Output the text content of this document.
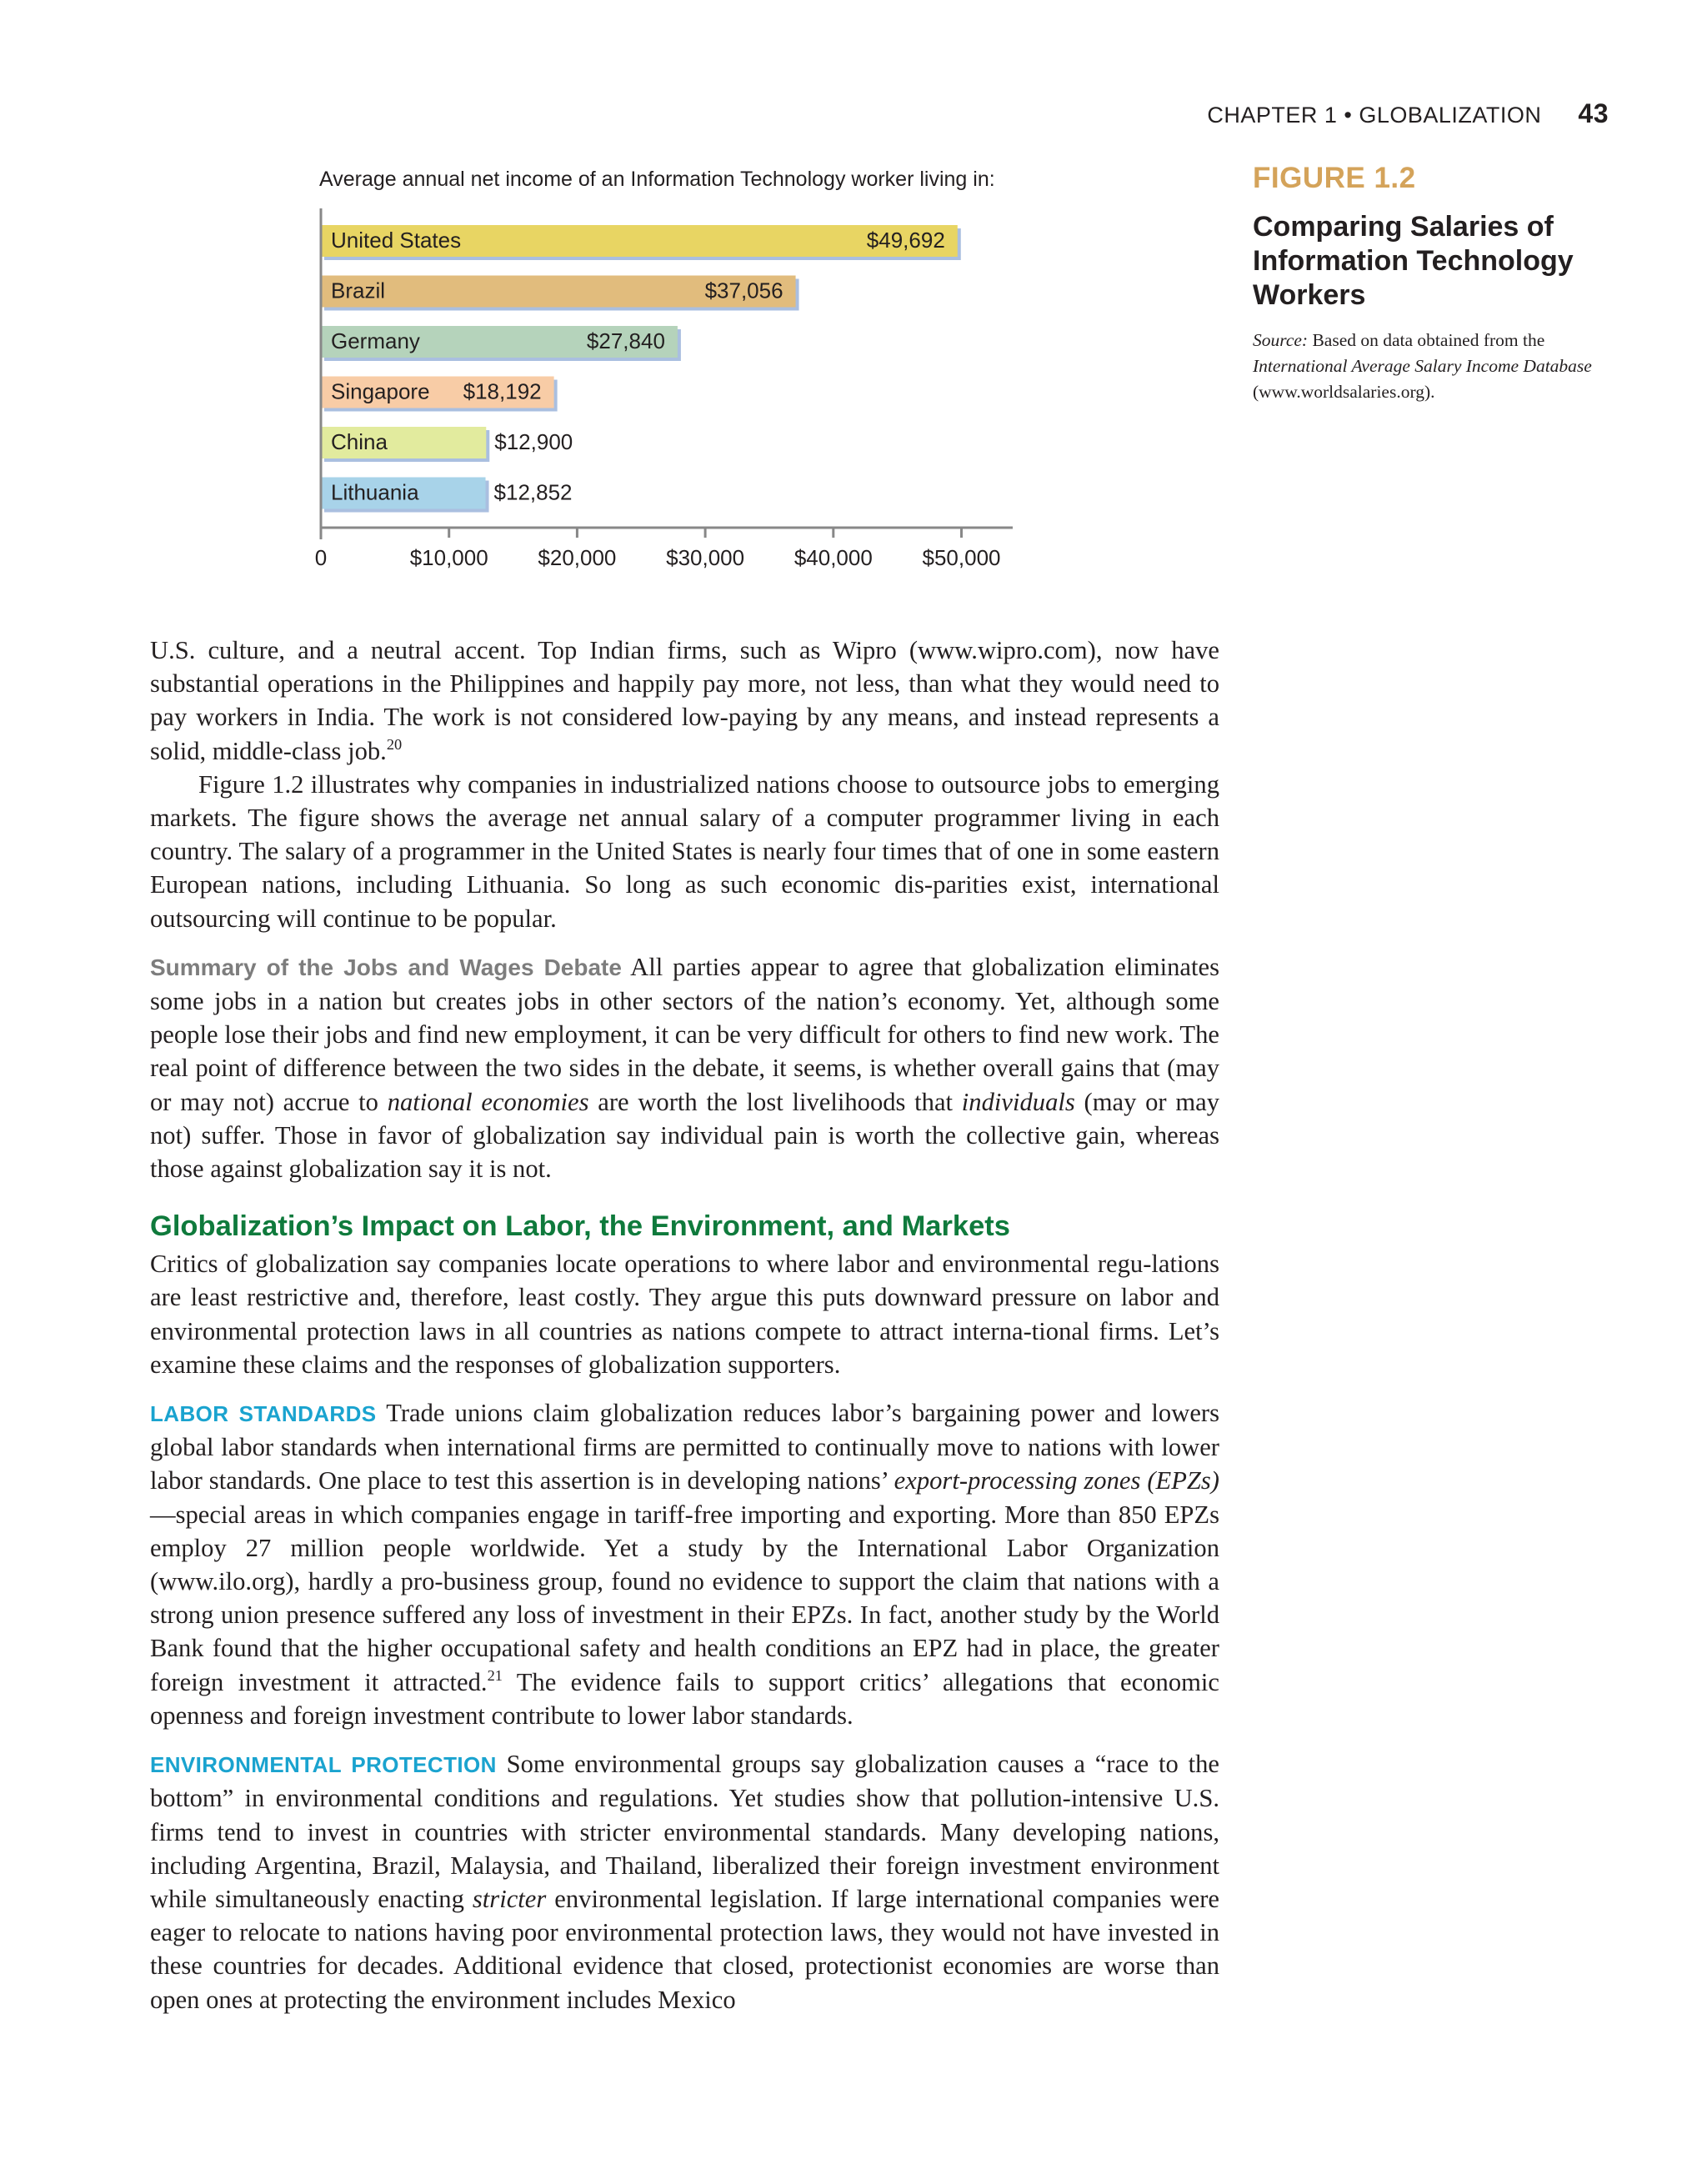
CHAPTER 1 • GLOBALIZATION 43
Average annual net income of an Information Technology worker living in:
United States	$49,692
Brazil	$37,056
Germany	$27,840
Singapore $18,192
China	$12,900
Lithuania	$12,852
0	$10,000 $20,000 $30,000 $40,000 $50,000
FIGURE 1.2
Comparing Salaries of Information Technology Workers
Source: Based on data obtained from the International Average Salary Income Database (www.worldsalaries.org).

U.S. culture, and a neutral accent. Top Indian firms, such as Wipro (www.wipro.com), now have substantial operations in the Philippines and happily pay more, not less, than what they would need to pay workers in India. The work is not considered low-paying by any means, and instead represents a solid, middle-class job.$^{20}$

Figure 1.2 illustrates why companies in industrialized nations choose to outsource jobs to emerging markets. The figure shows the average net annual salary of a computer programmer living in each country. The salary of a programmer in the United States is nearly four times that of one in some eastern European nations, including Lithuania. So long as such economic dis-parities exist, international outsourcing will continue to be popular.

Summary of the Jobs and Wages Debate All parties appear to agree that globalization eliminates some jobs in a nation but creates jobs in other sectors of the nation’s economy. Yet, although some people lose their jobs and find new employment, it can be very difficult for others to find new work. The real point of difference between the two sides in the debate, it seems, is whether overall gains that (may or may not) accrue to national economies are worth the lost livelihoods that individuals (may or may not) suffer. Those in favor of globalization say individual pain is worth the collective gain, whereas those against globalization say it is not.

Globalization’s Impact on Labor, the Environment, and Markets

Critics of globalization say companies locate operations to where labor and environmental regu-lations are least restrictive and, therefore, least costly. They argue this puts downward pressure on labor and environmental protection laws in all countries as nations compete to attract interna-tional firms. Let’s examine these claims and the responses of globalization supporters.

LABOR STANDARDS Trade unions claim globalization reduces labor’s bargaining power and lowers global labor standards when international firms are permitted to continually move to nations with lower labor standards. One place to test this assertion is in developing nations’ export-processing zones (EPZs)—special areas in which companies engage in tariff-free importing and exporting. More than 850 EPZs employ 27 million people worldwide. Yet a study by the International Labor Organization (www.ilo.org), hardly a pro-business group, found no evidence to support the claim that nations with a strong union presence suffered any loss of investment in their EPZs. In fact, another study by the World Bank found that the higher occupational safety and health conditions an EPZ had in place, the greater foreign investment it attracted.$^{21}$ The evidence fails to support critics’ allegations that economic openness and foreign investment contribute to lower labor standards.

ENVIRONMENTAL PROTECTION Some environmental groups say globalization causes a “race to the bottom” in environmental conditions and regulations. Yet studies show that pollution-intensive U.S. firms tend to invest in countries with stricter environmental standards. Many developing nations, including Argentina, Brazil, Malaysia, and Thailand, liberalized their foreign investment environment while simultaneously enacting stricter environmental legislation. If large international companies were eager to relocate to nations having poor environmental protection laws, they would not have invested in these countries for decades. Additional evidence that closed, protectionist economies are worse than open ones at protecting the environment includes Mexico
